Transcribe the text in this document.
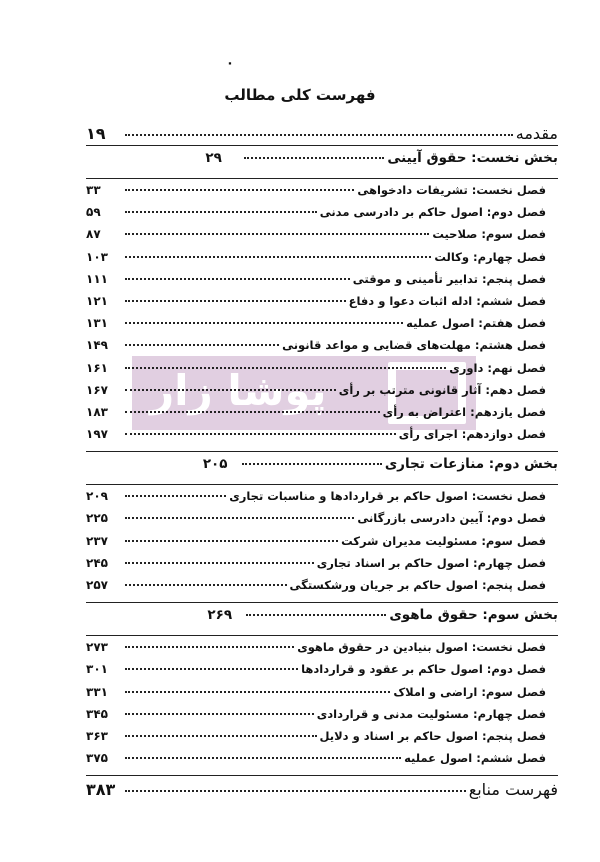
٠
فهرست کلی مطالب
پوشا زار
مقدمه
۱۹
بخش نخست: حقوق آیینی
۲۹
فصل نخست: تشریفات دادخواهی
۳۳
فصل دوم: اصول حاکم بر دادرسی مدنی
۵۹
فصل سوم: صلاحیت
۸۷
فصل چهارم: وکالت
۱۰۳
فصل پنجم: تدابیر تأمینی و موقتی
۱۱۱
فصل ششم: ادله اثبات دعوا و دفاع
۱۲۱
فصل هفتم: اصول عملیه
۱۳۱
فصل هشتم: مهلت‌های قضایی و مواعد قانونی
۱۴۹
فصل نهم: داوری
۱۶۱
فصل دهم: آثار قانونی مترتب بر رأی
۱۶۷
فصل یازدهم: اعتراض به رأی
۱۸۳
فصل دوازدهم: اجرای رأی
۱۹۷
بخش دوم: منازعات تجاری
۲۰۵
فصل نخست: اصول حاکم بر قراردادها و مناسبات تجاری
۲۰۹
فصل دوم: آیین دادرسی بازرگانی
۲۲۵
فصل سوم: مسئولیت مدیران شرکت
۲۳۷
فصل چهارم: اصول حاکم بر اسناد تجاری
۲۴۵
فصل پنجم: اصول حاکم بر جریان ورشکستگی
۲۵۷
بخش سوم: حقوق ماهوی
۲۶۹
فصل نخست: اصول بنیادین در حقوق ماهوی
۲۷۳
فصل دوم: اصول حاکم بر عقود و قراردادها
۳۰۱
فصل سوم: اراضی و املاک
۳۳۱
فصل چهارم: مسئولیت مدنی و قراردادی
۳۴۵
فصل پنجم: اصول حاکم بر اسناد و دلایل
۳۶۳
فصل ششم: اصول عملیه
۳۷۵
فهرست منابع
۳۸۳
